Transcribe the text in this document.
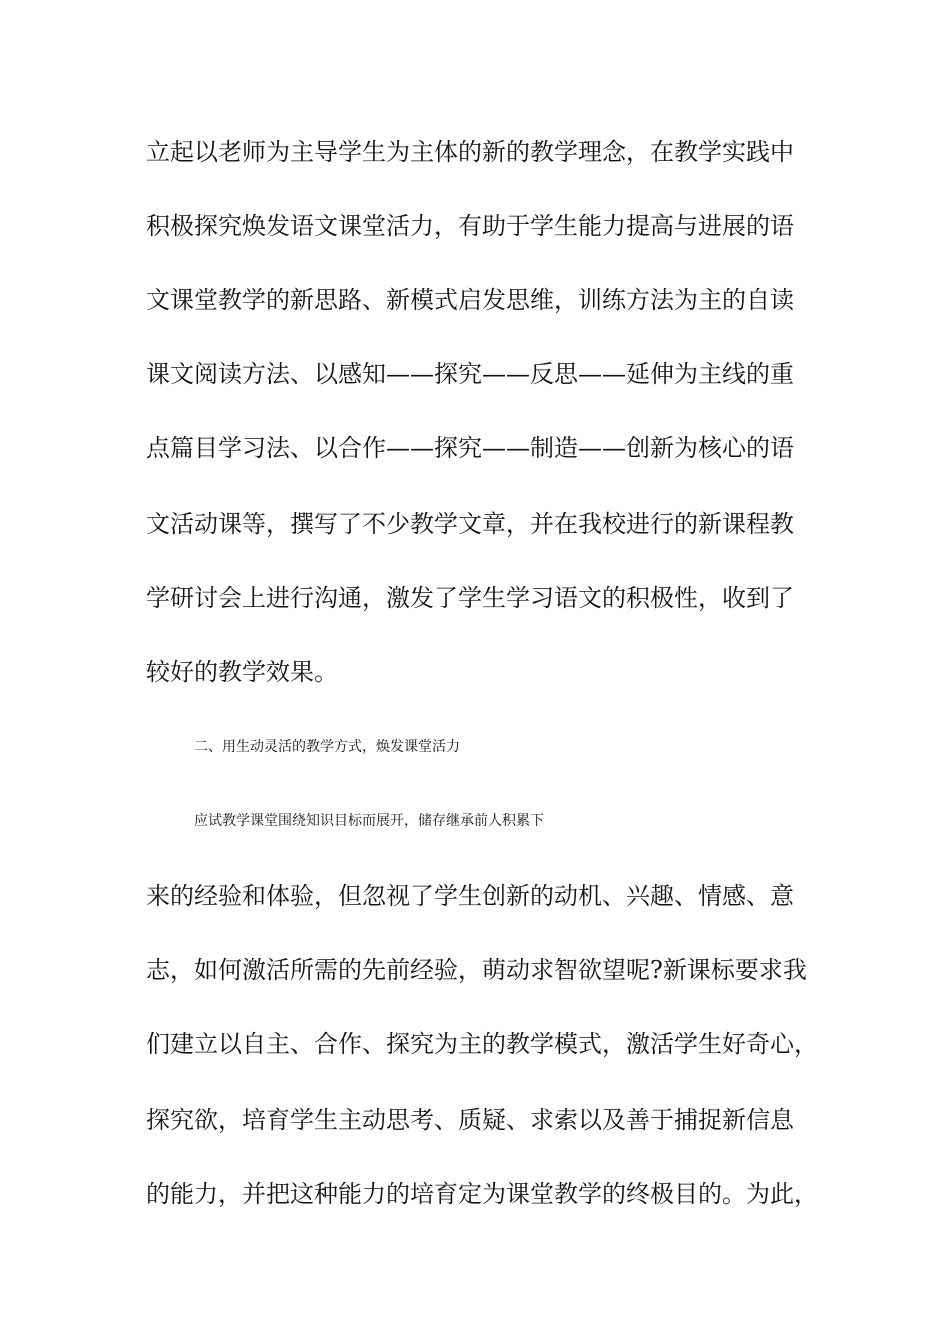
立起以老师为主导学生为主体的新的教学理念，在教学实践中
积极探究焕发语文课堂活力，有助于学生能力提高与进展的语
文课堂教学的新思路、新模式启发思维，训练方法为主的自读
课文阅读方法、以感知——探究——反思——延伸为主线的重
点篇目学习法、以合作——探究——制造——创新为核心的语
文活动课等，撰写了不少教学文章，并在我校进行的新课程教
学研讨会上进行沟通，激发了学生学习语文的积极性，收到了
较好的教学效果。
二、用生动灵活的教学方式，焕发课堂活力
应试教学课堂围绕知识目标而展开，储存继承前人积累下
来的经验和体验，但忽视了学生创新的动机、兴趣、情感、意
志，如何激活所需的先前经验，萌动求智欲望呢?新课标要求我
们建立以自主、合作、探究为主的教学模式，激活学生好奇心，
探究欲，培育学生主动思考、质疑、求索以及善于捕捉新信息
的能力，并把这种能力的培育定为课堂教学的终极目的。为此，
